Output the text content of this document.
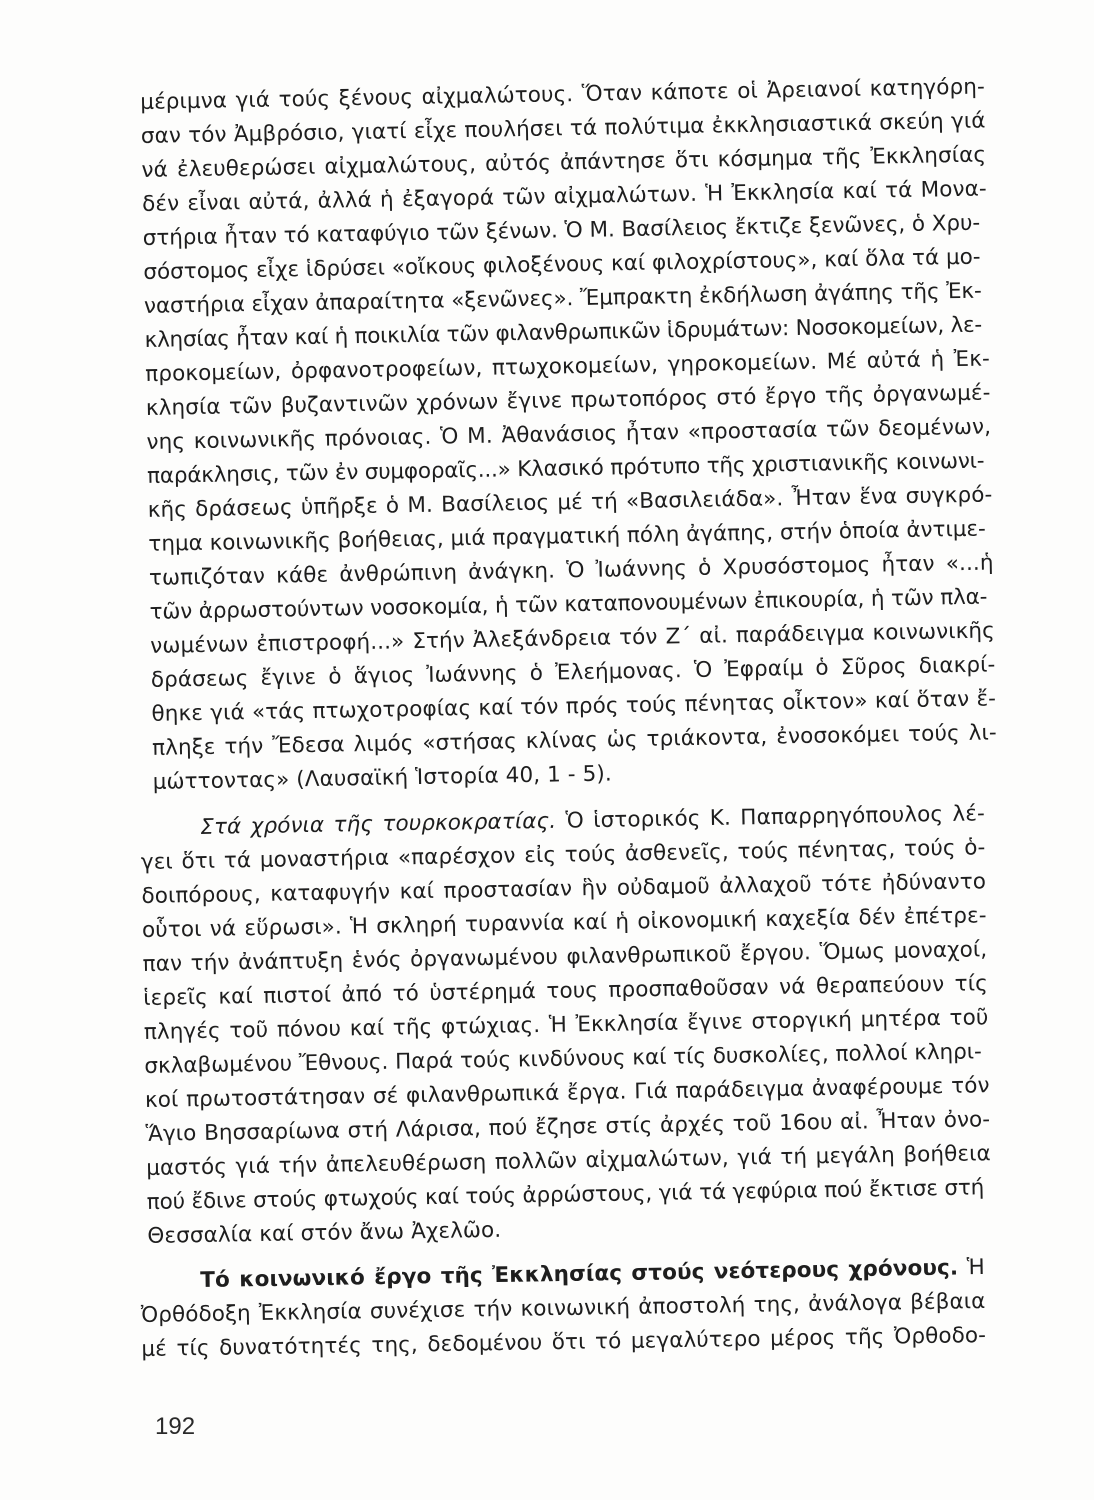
μέριμνα γιά τούς ξένους αἰχμαλώτους. Ὅταν κάποτε οἱ Ἀρειανοί κατηγόρη-
σαν τόν Ἀμβρόσιο, γιατί εἶχε πουλήσει τά πολύτιμα ἐκκλησιαστικά σκεύη γιά
νά ἐλευθερώσει αἰχμαλώτους, αὐτός ἀπάντησε ὅτι κόσμημα τῆς Ἐκκλησίας
δέν εἶναι αὐτά, ἀλλά ἡ ἐξαγορά τῶν αἰχμαλώτων. Ἡ Ἐκκλησία καί τά Μονα-
στήρια ἦταν τό καταφύγιο τῶν ξένων. Ὁ Μ. Βασίλειος ἔκτιζε ξενῶνες, ὁ Χρυ-
σόστομος εἶχε ἱδρύσει «οἴκους φιλοξένους καί φιλοχρίστους», καί ὅλα τά μο-
ναστήρια εἶχαν ἀπαραίτητα «ξενῶνες». Ἔμπρακτη ἐκδήλωση ἀγάπης τῆς Ἐκ-
κλησίας ἦταν καί ἡ ποικιλία τῶν φιλανθρωπικῶν ἱδρυμάτων: Νοσοκομείων, λε-
προκομείων, ὀρφανοτροφείων, πτωχοκομείων, γηροκομείων. Μέ αὐτά ἡ Ἐκ-
κλησία τῶν βυζαντινῶν χρόνων ἔγινε πρωτοπόρος στό ἔργο τῆς ὀργανωμέ-
νης κοινωνικῆς πρόνοιας. Ὁ Μ. Ἀθανάσιος ἦταν «προστασία τῶν δεομένων,
παράκλησις, τῶν ἐν συμφοραῖς...» Κλασικό πρότυπο τῆς χριστιανικῆς κοινωνι-
κῆς δράσεως ὑπῆρξε ὁ Μ. Βασίλειος μέ τή «Βασιλειάδα». Ἦταν ἕνα συγκρό-
τημα κοινωνικῆς βοήθειας, μιά πραγματική πόλη ἀγάπης, στήν ὁποία ἀντιμε-
τωπιζόταν κάθε ἀνθρώπινη ἀνάγκη. Ὁ Ἰωάννης ὁ Χρυσόστομος ἦταν «...ἡ
τῶν ἀρρωστούντων νοσοκομία, ἡ τῶν καταπονουμένων ἐπικουρία, ἡ τῶν πλα-
νωμένων ἐπιστροφή...» Στήν Ἀλεξάνδρεια τόν Ζ΄ αἰ. παράδειγμα κοινωνικῆς
δράσεως ἔγινε ὁ ἅγιος Ἰωάννης ὁ Ἐλεήμονας. Ὁ Ἐφραίμ ὁ Σῦρος διακρί-
θηκε γιά «τάς πτωχοτροφίας καί τόν πρός τούς πένητας οἶκτον» καί ὅταν ἔ-
πληξε τήν Ἔδεσα λιμός «στήσας κλίνας ὡς τριάκοντα, ἐνοσοκόμει τούς λι-
μώττοντας» (Λαυσαϊκή Ἱστορία 40, 1 - 5).
Στά χρόνια τῆς τουρκοκρατίας. Ὁ ἱστορικός Κ. Παπαρρηγόπουλος λέ-
γει ὅτι τά μοναστήρια «παρέσχον εἰς τούς ἀσθενεῖς, τούς πένητας, τούς ὁ-
δοιπόρους, καταφυγήν καί προστασίαν ἣν οὐδαμοῦ ἀλλαχοῦ τότε ἠδύναντο
οὗτοι νά εὕρωσι». Ἡ σκληρή τυραννία καί ἡ οἰκονομική καχεξία δέν ἐπέτρε-
παν τήν ἀνάπτυξη ἑνός ὀργανωμένου φιλανθρωπικοῦ ἔργου. Ὅμως μοναχοί,
ἱερεῖς καί πιστοί ἀπό τό ὑστέρημά τους προσπαθοῦσαν νά θεραπεύουν τίς
πληγές τοῦ πόνου καί τῆς φτώχιας. Ἡ Ἐκκλησία ἔγινε στοργική μητέρα τοῦ
σκλαβωμένου Ἔθνους. Παρά τούς κινδύνους καί τίς δυσκολίες, πολλοί κληρι-
κοί πρωτοστάτησαν σέ φιλανθρωπικά ἔργα. Γιά παράδειγμα ἀναφέρουμε τόν
Ἅγιο Βησσαρίωνα στή Λάρισα, πού ἔζησε στίς ἀρχές τοῦ 16ου αἰ. Ἦταν ὀνο-
μαστός γιά τήν ἀπελευθέρωση πολλῶν αἰχμαλώτων, γιά τή μεγάλη βοήθεια
πού ἔδινε στούς φτωχούς καί τούς ἀρρώστους, γιά τά γεφύρια πού ἔκτισε στή
Θεσσαλία καί στόν ἄνω Ἀχελῶο.
Τό κοινωνικό ἔργο τῆς Ἐκκλησίας στούς νεότερους χρόνους. Ἡ
Ὀρθόδοξη Ἐκκλησία συνέχισε τήν κοινωνική ἀποστολή της, ἀνάλογα βέβαια
μέ τίς δυνατότητές της, δεδομένου ὅτι τό μεγαλύτερο μέρος τῆς Ὀρθοδο-
192
